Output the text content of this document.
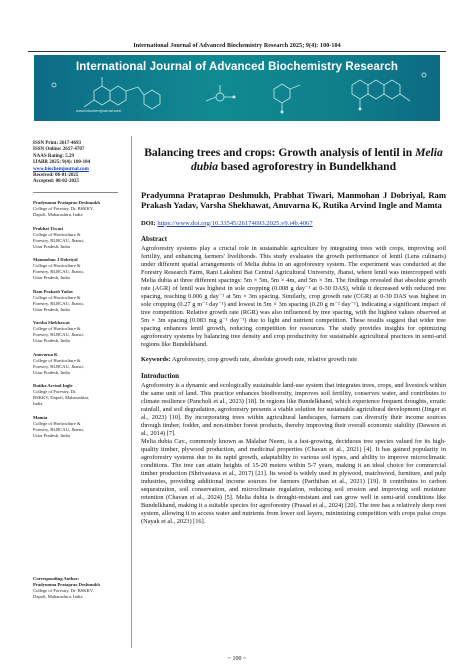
International Journal of Advanced Biochemistry Research 2025; 9(4): 100-104
International Journal of Advanced Biochemistry Research
www.biochemjournal.com
ISSN Print: 2617-4693
ISSN Online: 2617-4707
NAAS Rating: 5.29
IJABR 2025; 9(4): 100-104
www.biochemjournal.com
Received: 06-01-2025
Accepted: 08-02-2025
Pradyumna Prataprao Deshmukh
College of Forestry, Dr. BSKKV,
Dapoli, Maharashtra, India
Prabhat Tiwari
College of Horticulture &
Forestry, RLBCAU, Jhansi,
Uttar Pradesh, India
Manmohan J Dobriyal
College of Horticulture &
Forestry, RLBCAU, Jhansi,
Uttar Pradesh, India
Ram Prakash Yadav
College of Horticulture &
Forestry, RLBCAU, Jhansi,
Uttar Pradesh, India
Varsha Shekhawat
College of Horticulture &
Forestry, RLBCAU, Jhansi,
Uttar Pradesh, India
Anuvarna K
College of Horticulture &
Forestry, RLBCAU, Jhansi,
Uttar Pradesh, India
Rutika Arvind Ingle
College of Forestry, Dr.
BSKKV, Dapoli, Maharashtra,
India
Mamta
College of Horticulture &
Forestry, RLBCAU, Jhansi,
Uttar Pradesh, India
Corresponding Author:
Pradyumna Prataprao Deshmukh
College of Forestry, Dr. BSKKV,
Dapoli, Maharashtra, India
Balancing trees and crops: Growth analysis of lentil in Melia dubia based agroforestry in Bundelkhand
Pradyumna Prataprao Deshmukh, Prabhat Tiwari, Manmohan J Dobriyal, Ram Prakash Yadav, Varsha Shekhawat, Anuvarna K, Rutika Arvind Ingle and Mamta
DOI: https://www.doi.org/10.33545/26174693.2025.v9.i4b.4067
Abstract
Agroforestry systems play a crucial role in sustainable agriculture by integrating trees with crops, improving soil fertility, and enhancing farmers' livelihoods. This study evaluates the growth performance of lentil (Lens culinaris) under different spatial arrangements of Melia dubia in an agroforestry system. The experiment was conducted at the Forestry Research Farm, Rani Lakshmi Bai Central Agricultural University, Jhansi, where lentil was intercropped with Melia dubia at three different spacings: 5m × 5m, 5m × 4m, and 5m × 3m. The findings revealed that absolute growth rate (AGR) of lentil was highest in sole cropping (0.008 g day⁻¹ at 0-30 DAS), while it decreased with reduced tree spacing, reaching 0.006 g day⁻¹ at 5m × 3m spacing. Similarly, crop growth rate (CGR) at 0-30 DAS was highest in sole cropping (0.27 g m⁻² day⁻¹) and lowest in 5m × 3m spacing (0.20 g m⁻² day⁻¹), indicating a significant impact of tree competition. Relative growth rate (RGR) was also influenced by tree spacing, with the highest values observed at 5m × 3m spacing (0.083 mg g⁻¹ day⁻¹) due to light and nutrient competition. These results suggest that wider tree spacing enhances lentil growth, reducing competition for resources. The study provides insights for optimizing agroforestry systems by balancing tree density and crop productivity for sustainable agricultural practices in semi-arid regions like Bundelkhand.
Keywords: Agroforestry, crop growth rate, absolute growth rate, relative growth rate
Introduction
Agroforestry is a dynamic and ecologically sustainable land-use system that integrates trees, crops, and livestock within the same unit of land. This practice enhances biodiversity, improves soil fertility, conserves water, and contributes to climate resilience (Pancholi et al., 2023) [18]. In regions like Bundelkhand, which experience frequent droughts, erratic rainfall, and soil degradation, agroforestry presents a viable solution for sustainable agricultural development (Jinger et al., 2023) [10]. By incorporating trees within agricultural landscapes, farmers can diversify their income sources through timber, fodder, and non-timber forest products, thereby improving their overall economic stability (Dawson et al., 2014) [7].
Melia dubia Cav., commonly known as Malabar Neem, is a fast-growing, deciduous tree species valued for its high-quality timber, plywood production, and medicinal properties (Chavan et al., 2021) [4]. It has gained popularity in agroforestry systems due to its rapid growth, adaptability to various soil types, and ability to improve microclimatic conditions. The tree can attain heights of 15-20 meters within 5-7 years, making it an ideal choice for commercial timber production (Shrivastava et al., 2017) [21]. Its wood is widely used in plywood, matchwood, furniture, and pulp industries, providing additional income sources for farmers (Parthiban et al., 2021) [19]. It contributes to carbon sequestration, soil conservation, and microclimate regulation, reducing soil erosion and improving soil moisture retention (Chavan et al., 2024) [5]. Melia dubia is drought-resistant and can grow well in semi-arid conditions like Bundelkhand, making it a suitable species for agroforestry (Prasad et al., 2024) [20]. The tree has a relatively deep root system, allowing it to access water and nutrients from lower soil layers, minimizing competition with crops pulse crops (Nayak et al., 2023) [16].
~ 100 ~
